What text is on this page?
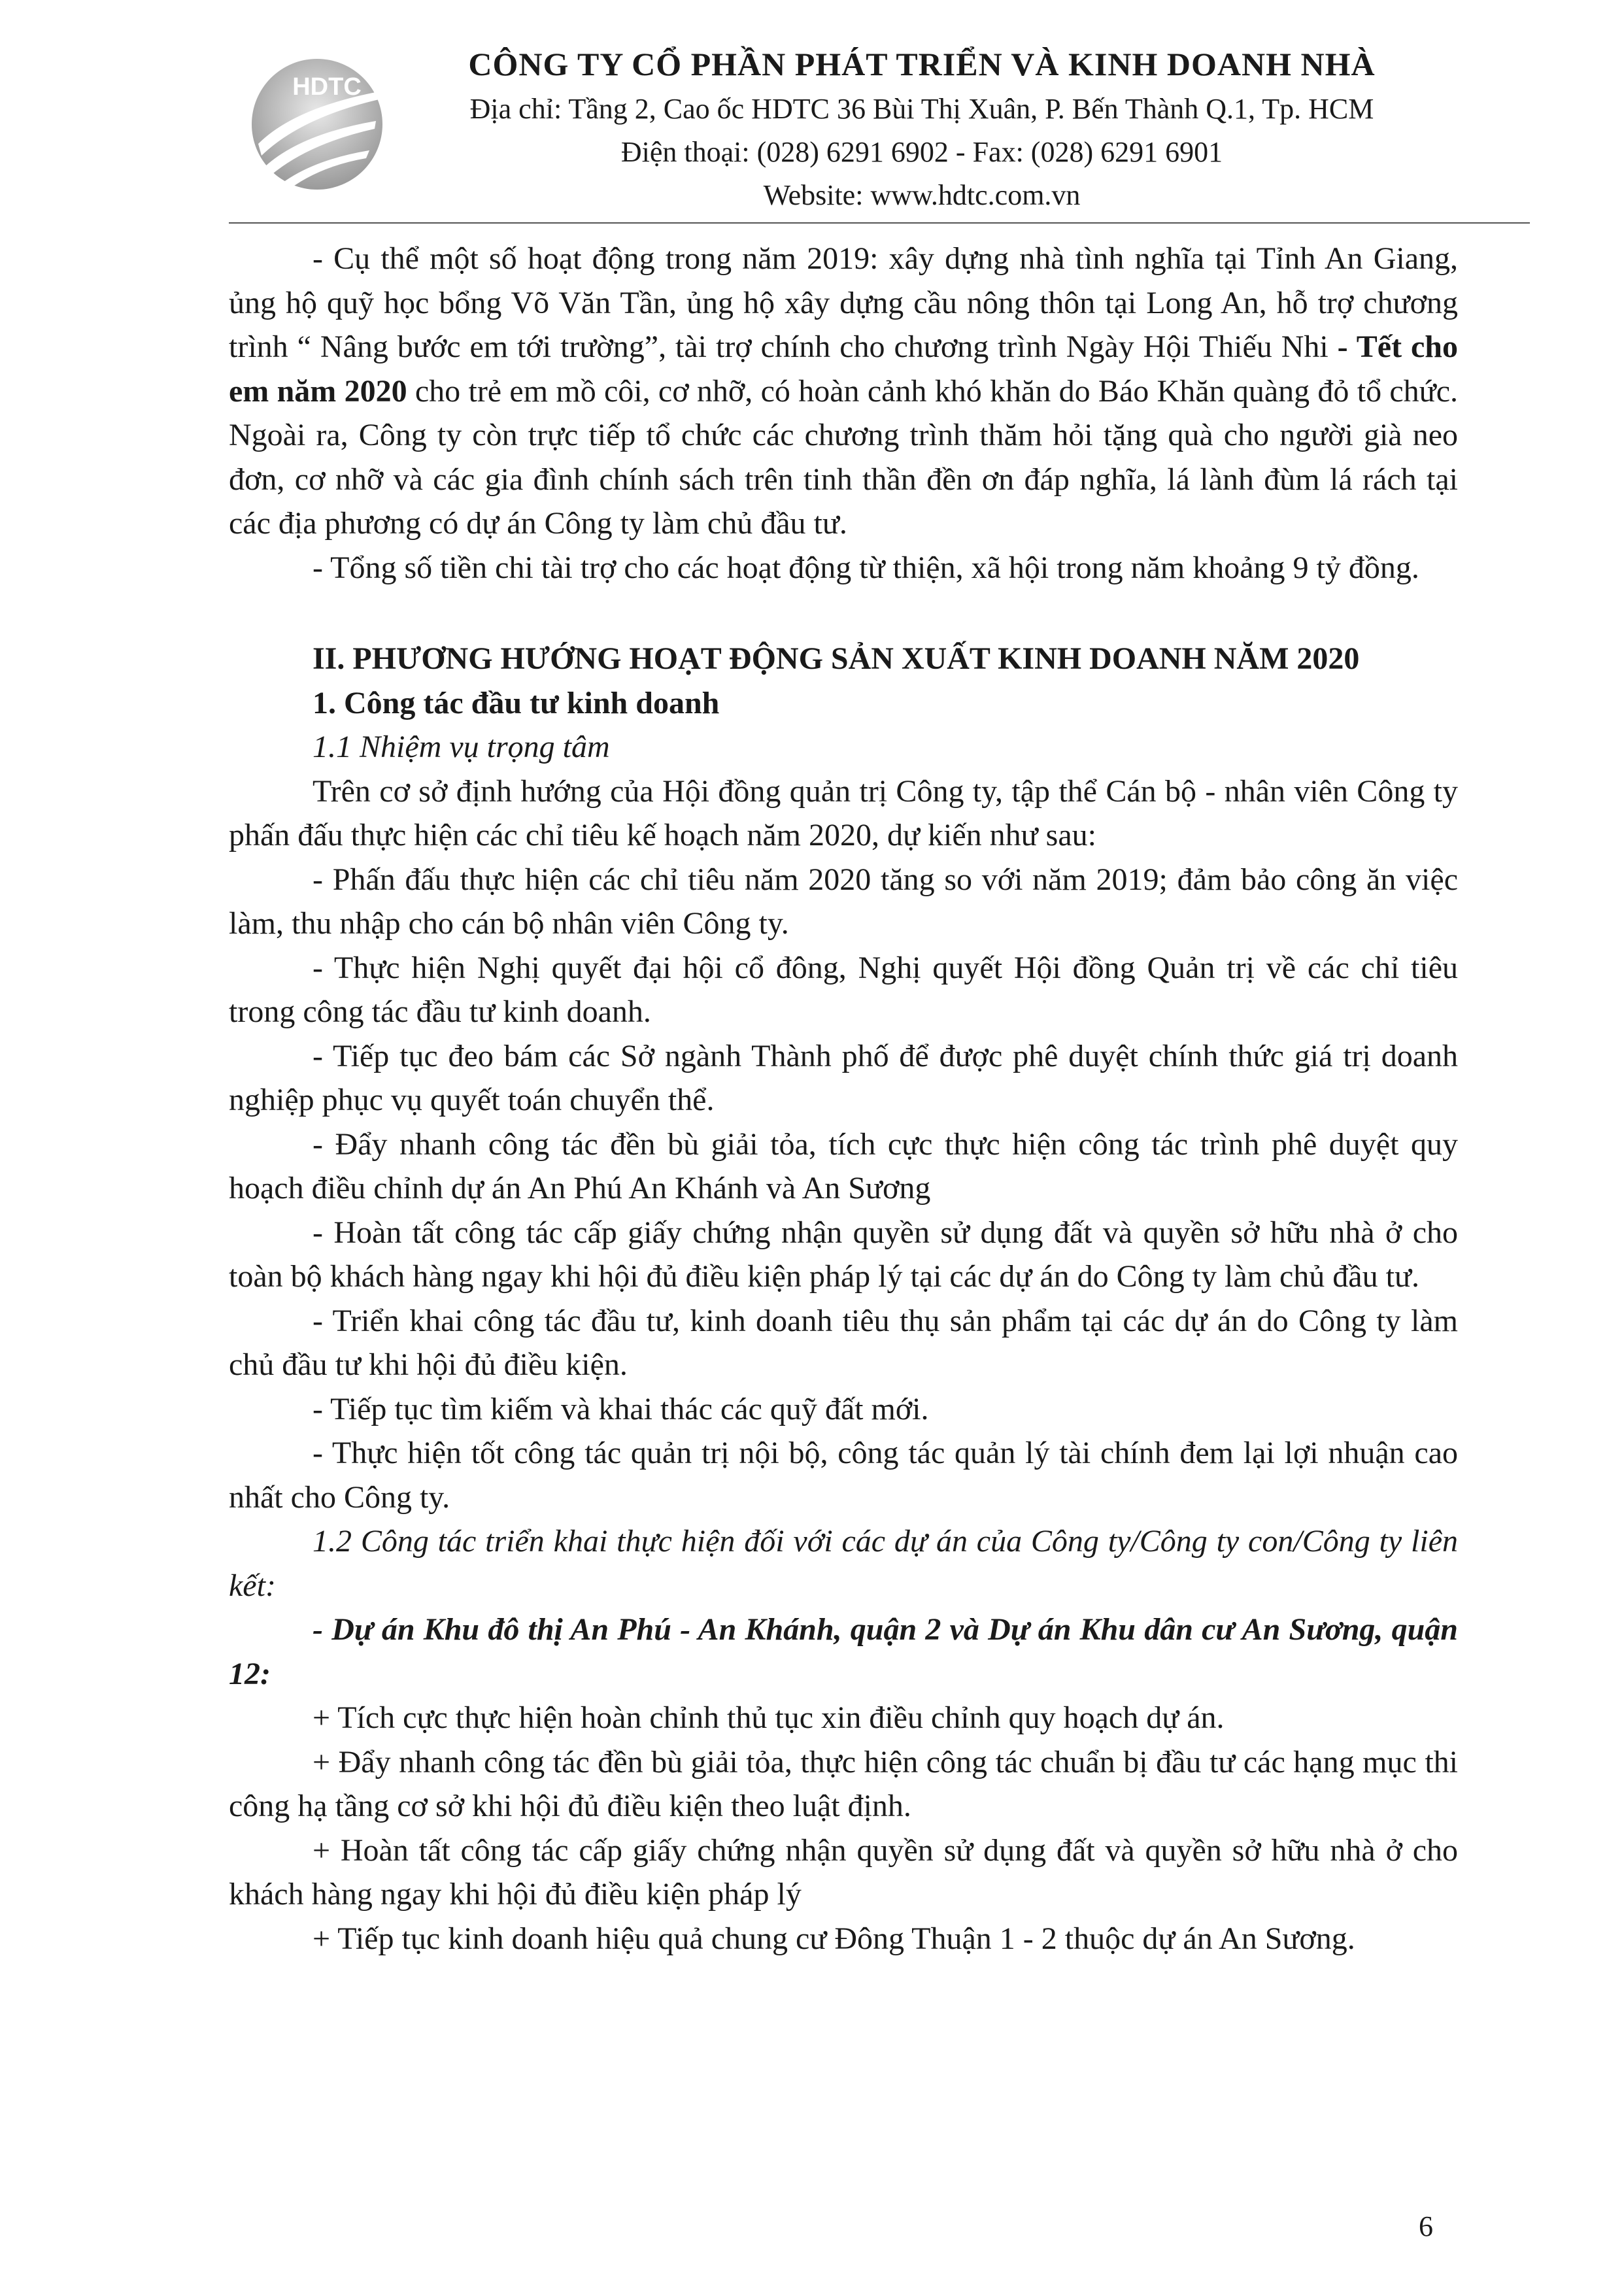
HDTC
CÔNG TY CỔ PHẦN PHÁT TRIỂN VÀ KINH DOANH NHÀ
Địa chỉ: Tầng 2, Cao ốc HDTC 36 Bùi Thị Xuân, P. Bến Thành Q.1, Tp. HCM
Điện thoại: (028) 6291 6902 - Fax: (028) 6291 6901
Website: www.hdtc.com.vn

- Cụ thể một số hoạt động trong năm 2019: xây dựng nhà tình nghĩa tại Tỉnh An Giang, ủng hộ quỹ học bổng Võ Văn Tần, ủng hộ xây dựng cầu nông thôn tại Long An, hỗ trợ chương trình “ Nâng bước em tới trường”, tài trợ chính cho chương trình Ngày Hội Thiếu Nhi - Tết cho em năm 2020 cho trẻ em mồ côi, cơ nhỡ, có hoàn cảnh khó khăn do Báo Khăn quàng đỏ tổ chức. Ngoài ra, Công ty còn trực tiếp tổ chức các chương trình thăm hỏi tặng quà cho người già neo đơn, cơ nhỡ và các gia đình chính sách trên tinh thần đền ơn đáp nghĩa, lá lành đùm lá rách tại các địa phương có dự án Công ty làm chủ đầu tư.

- Tổng số tiền chi tài trợ cho các hoạt động từ thiện, xã hội trong năm khoảng 9 tỷ đồng.

II. PHƯƠNG HƯỚNG HOẠT ĐỘNG SẢN XUẤT KINH DOANH NĂM 2020

1. Công tác đầu tư kinh doanh

1.1 Nhiệm vụ trọng tâm

Trên cơ sở định hướng của Hội đồng quản trị Công ty, tập thể Cán bộ - nhân viên Công ty phấn đấu thực hiện các chỉ tiêu kế hoạch năm 2020, dự kiến như sau:

- Phấn đấu thực hiện các chỉ tiêu năm 2020 tăng so với năm 2019; đảm bảo công ăn việc làm, thu nhập cho cán bộ nhân viên Công ty.

- Thực hiện Nghị quyết đại hội cổ đông, Nghị quyết Hội đồng Quản trị về các chỉ tiêu trong công tác đầu tư kinh doanh.

- Tiếp tục đeo bám các Sở ngành Thành phố để được phê duyệt chính thức giá trị doanh nghiệp phục vụ quyết toán chuyển thể.

- Đẩy nhanh công tác đền bù giải tỏa, tích cực thực hiện công tác trình phê duyệt quy hoạch điều chỉnh dự án An Phú An Khánh và An Sương

- Hoàn tất công tác cấp giấy chứng nhận quyền sử dụng đất và quyền sở hữu nhà ở cho toàn bộ khách hàng ngay khi hội đủ điều kiện pháp lý tại các dự án do Công ty làm chủ đầu tư.

- Triển khai công tác đầu tư, kinh doanh tiêu thụ sản phẩm tại các dự án do Công ty làm chủ đầu tư khi hội đủ điều kiện.

- Tiếp tục tìm kiếm và khai thác các quỹ đất mới.

- Thực hiện tốt công tác quản trị nội bộ, công tác quản lý tài chính đem lại lợi nhuận cao nhất cho Công ty.

1.2 Công tác triển khai thực hiện đối với các dự án của Công ty/Công ty con/Công ty liên kết:

- Dự án Khu đô thị An Phú - An Khánh, quận 2 và Dự án Khu dân cư An Sương, quận 12:

+ Tích cực thực hiện hoàn chỉnh thủ tục xin điều chỉnh quy hoạch dự án.

+ Đẩy nhanh công tác đền bù giải tỏa, thực hiện công tác chuẩn bị đầu tư các hạng mục thi công hạ tầng cơ sở khi hội đủ điều kiện theo luật định.

+ Hoàn tất công tác cấp giấy chứng nhận quyền sử dụng đất và quyền sở hữu nhà ở cho khách hàng ngay khi hội đủ điều kiện pháp lý

+ Tiếp tục kinh doanh hiệu quả chung cư Đông Thuận 1 - 2 thuộc dự án An Sương.

6
